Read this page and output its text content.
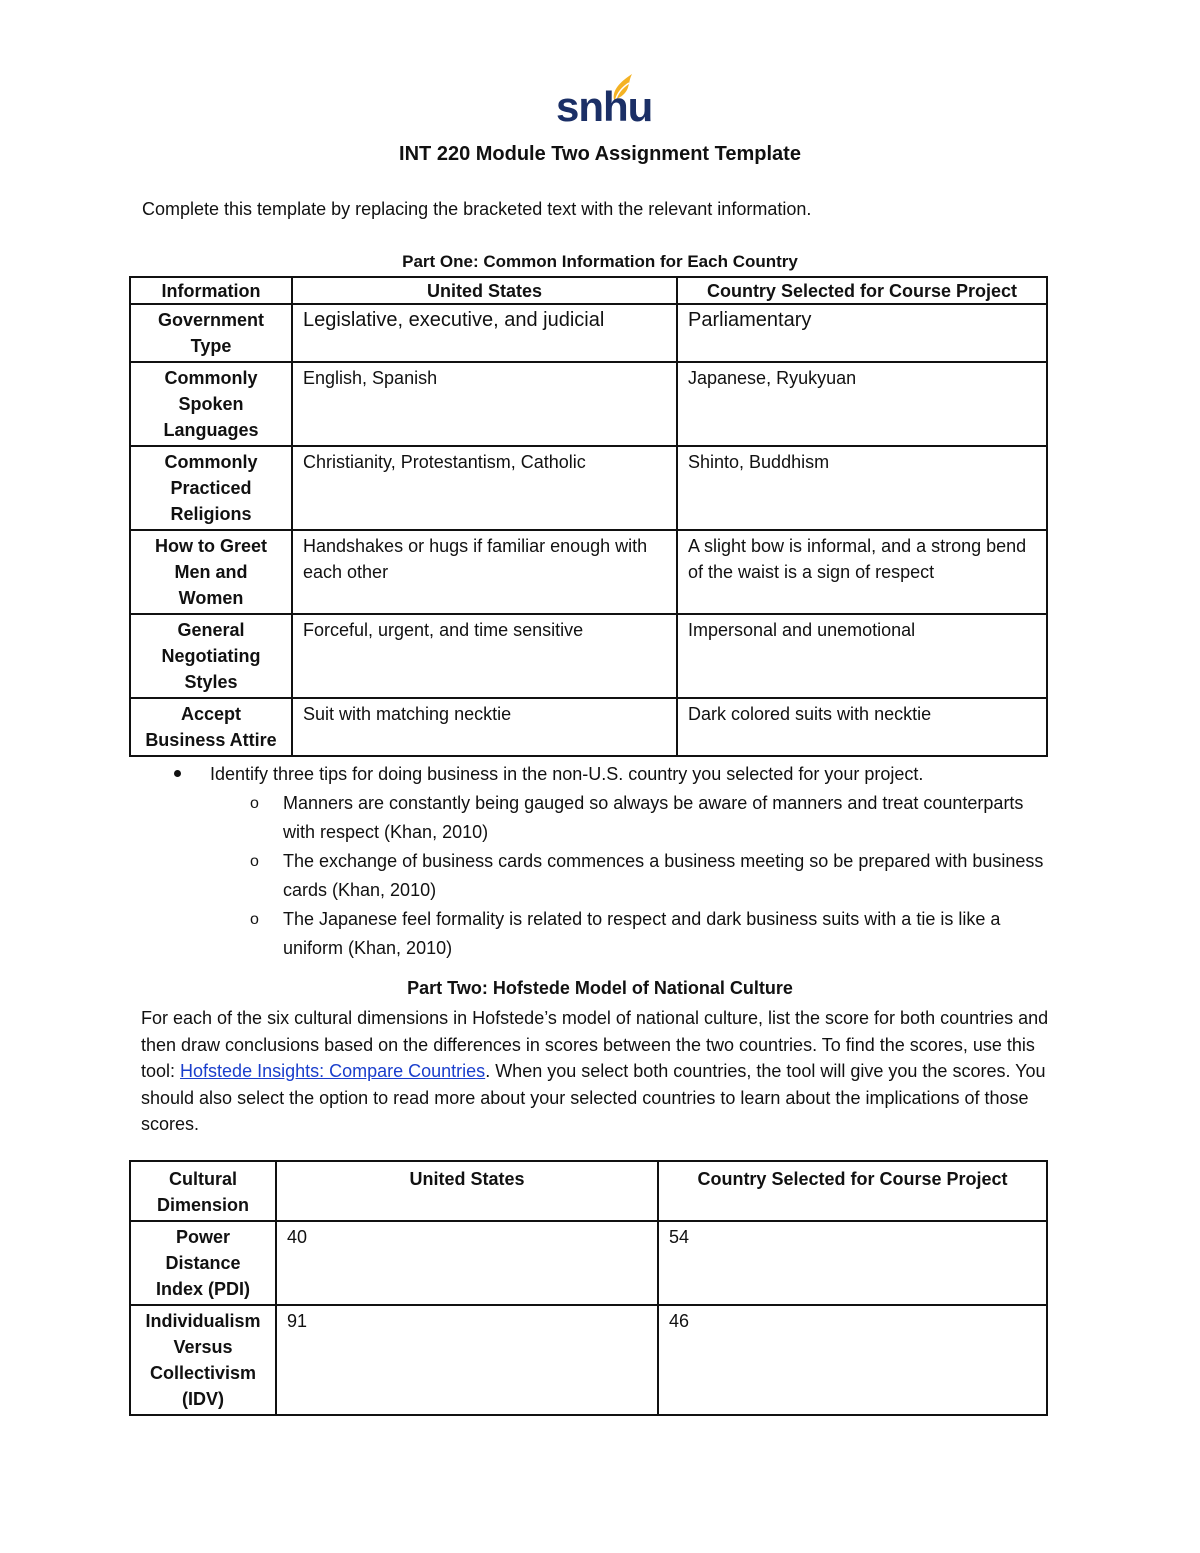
snhu
INT 220 Module Two Assignment Template
Complete this template by replacing the bracketed text with the relevant information.
Part One: Common Information for Each Country
Information	United States	Country Selected for Course Project
Government Type	Legislative, executive, and judicial	Parliamentary
Commonly Spoken Languages	English, Spanish	Japanese, Ryukyuan
Commonly Practiced Religions	Christianity, Protestantism, Catholic	Shinto, Buddhism
How to Greet Men and Women	Handshakes or hugs if familiar enough with each other	A slight bow is informal, and a strong bend of the waist is a sign of respect
General Negotiating Styles	Forceful, urgent, and time sensitive	Impersonal and unemotional
Accept Business Attire	Suit with matching necktie	Dark colored suits with necktie
Identify three tips for doing business in the non-U.S. country you selected for your project.
o Manners are constantly being gauged so always be aware of manners and treat counterparts with respect (Khan, 2010)
o The exchange of business cards commences a business meeting so be prepared with business cards (Khan, 2010)
o The Japanese feel formality is related to respect and dark business suits with a tie is like a uniform (Khan, 2010)
Part Two: Hofstede Model of National Culture
For each of the six cultural dimensions in Hofstede’s model of national culture, list the score for both countries and then draw conclusions based on the differences in scores between the two countries. To find the scores, use this tool: Hofstede Insights: Compare Countries. When you select both countries, the tool will give you the scores. You should also select the option to read more about your selected countries to learn about the implications of those scores.
Cultural Dimension	United States	Country Selected for Course Project
Power Distance Index (PDI)	40	54
Individualism Versus Collectivism (IDV)	91	46
